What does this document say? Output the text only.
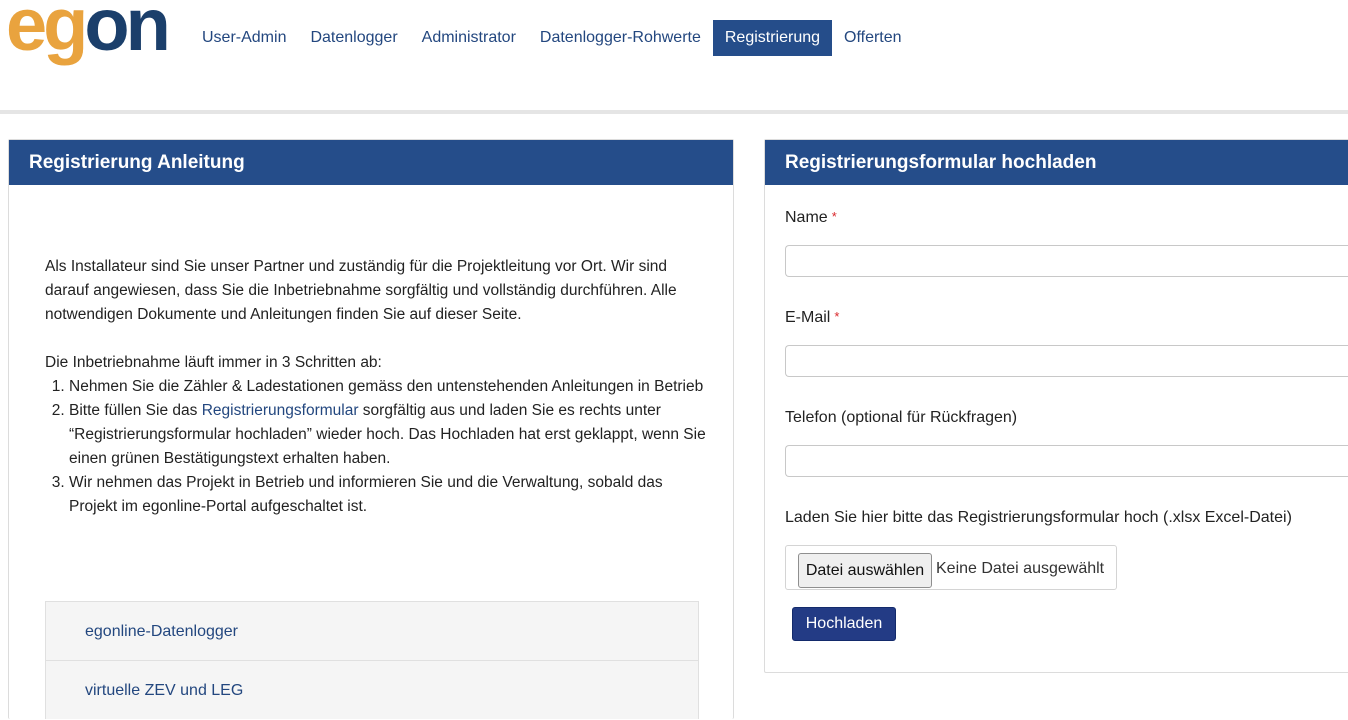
egon	User-Admin	Datenlogger	Administrator	Datenlogger-Rohwerte	Registrierung	Offerten
Registrierung Anleitung

Als Installateur sind Sie unser Partner und zuständig für die Projektleitung vor Ort. Wir sind darauf angewiesen, dass Sie die Inbetriebnahme sorgfältig und vollständig durchführen. Alle notwendigen Dokumente und Anleitungen finden Sie auf dieser Seite.

Die Inbetriebnahme läuft immer in 3 Schritten ab:

1. Nehmen Sie die Zähler & Ladestationen gemäss den untenstehenden Anleitungen in Betrieb
2. Bitte füllen Sie das Registrierungsformular sorgfältig aus und laden Sie es rechts unter “Registrierungsformular hochladen” wieder hoch. Das Hochladen hat erst geklappt, wenn Sie einen grünen Bestätigungstext erhalten haben.
3. Wir nehmen das Projekt in Betrieb und informieren Sie und die Verwaltung, sobald das Projekt im egonline-Portal aufgeschaltet ist.
egonline-Datenlogger
virtuelle ZEV und LEG
Registrierungsformular hochladen
Name *
E-Mail *
Telefon (optional für Rückfragen)
Laden Sie hier bitte das Registrierungsformular hoch (.xlsx Excel-Datei)
Datei auswählen Keine Datei ausgewählt
Hochladen
